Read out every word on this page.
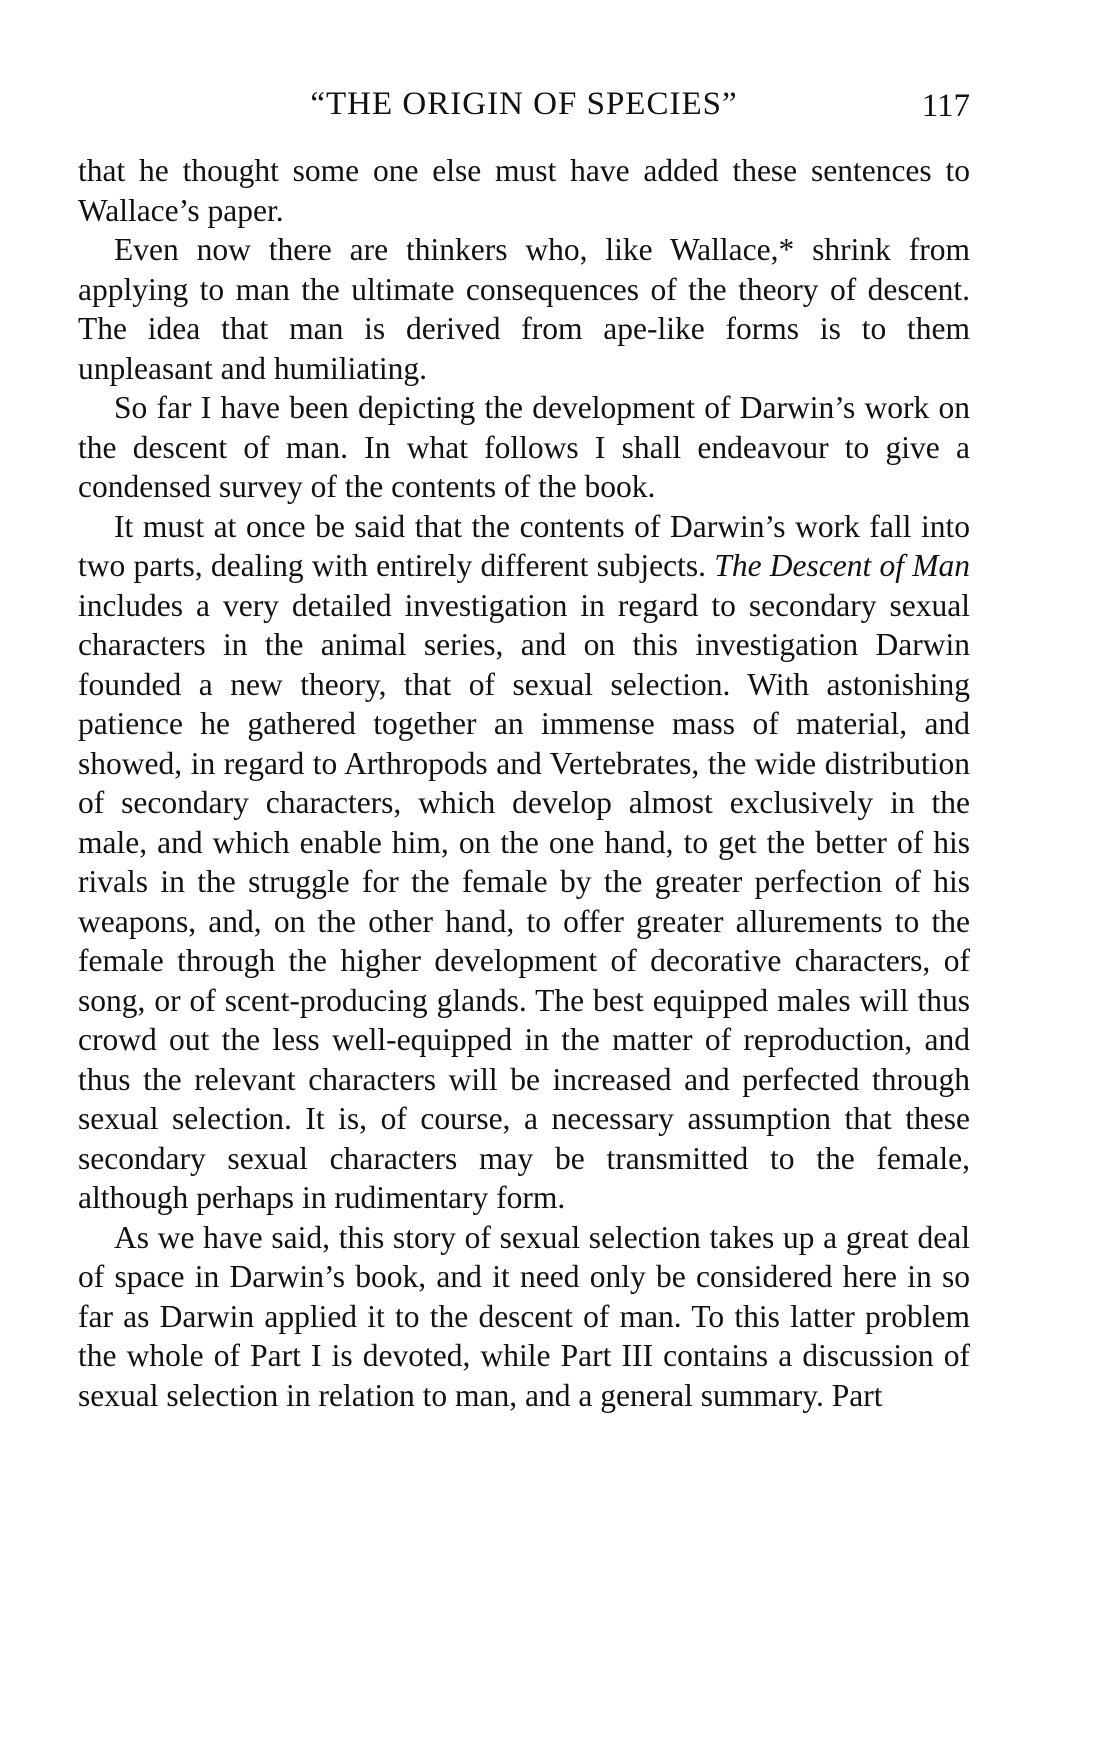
“THE ORIGIN OF SPECIES”	117

that he thought some one else must have added these sentences to Wallace’s paper.

Even now there are thinkers who, like Wallace,* shrink from applying to man the ultimate consequences of the theory of descent. The idea that man is derived from ape-like forms is to them unpleasant and humiliating.

So far I have been depicting the development of Darwin’s work on the descent of man. In what follows I shall endeavour to give a condensed survey of the contents of the book.

It must at once be said that the contents of Darwin’s work fall into two parts, dealing with entirely different subjects. The Descent of Man includes a very detailed investigation in regard to secondary sexual characters in the animal series, and on this investigation Darwin founded a new theory, that of sexual selection. With astonishing patience he gathered together an immense mass of material, and showed, in regard to Arthropods and Vertebrates, the wide distribution of secondary characters, which develop almost exclusively in the male, and which enable him, on the one hand, to get the better of his rivals in the struggle for the female by the greater perfection of his weapons, and, on the other hand, to offer greater allurements to the female through the higher development of decorative characters, of song, or of scent-producing glands. The best equipped males will thus crowd out the less well-equipped in the matter of reproduction, and thus the relevant characters will be increased and perfected through sexual selection. It is, of course, a necessary assumption that these secondary sexual characters may be transmitted to the female, although perhaps in rudimentary form.

As we have said, this story of sexual selection takes up a great deal of space in Darwin’s book, and it need only be considered here in so far as Darwin applied it to the descent of man. To this latter problem the whole of Part I is devoted, while Part III contains a discussion of sexual selection in relation to man, and a general summary. Part
